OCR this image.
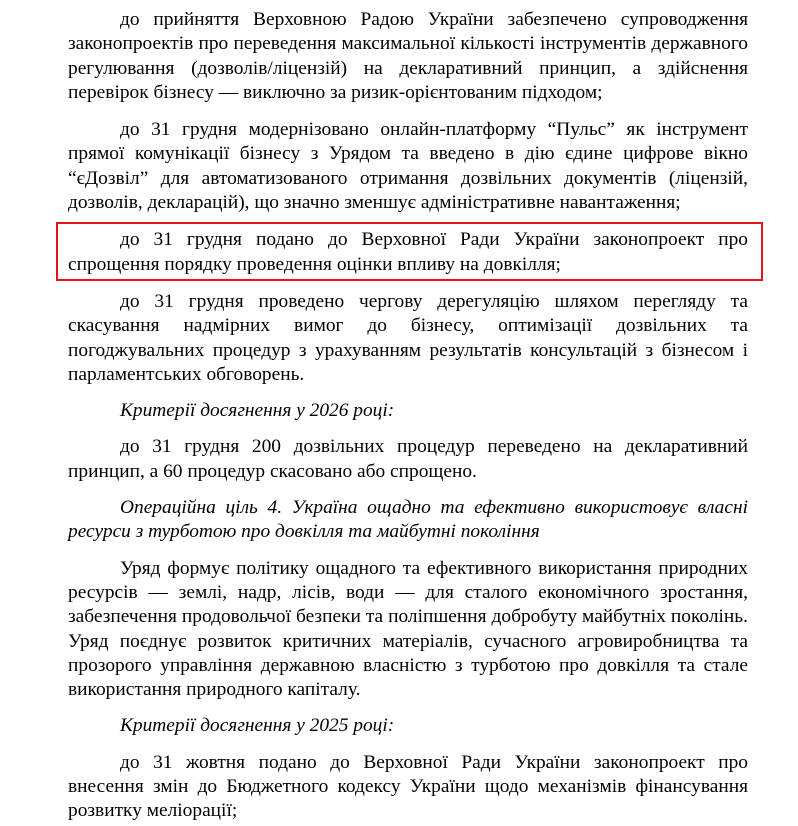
до прийняття Верховною Радою України забезпечено супроводження законопроектів про переведення максимальної кількості інструментів державного регулювання (дозволів/ліцензій) на декларативний принцип, а здійснення перевірок бізнесу — виключно за ризик-орієнтованим підходом;

до 31 грудня модернізовано онлайн-платформу “Пульс” як інструмент прямої комунікації бізнесу з Урядом та введено в дію єдине цифрове вікно “єДозвіл” для автоматизованого отримання дозвільних документів (ліцензій, дозволів, декларацій), що значно зменшує адміністративне навантаження;

до 31 грудня подано до Верховної Ради України законопроект про спрощення порядку проведення оцінки впливу на довкілля;

до 31 грудня проведено чергову дерегуляцію шляхом перегляду та скасування надмірних вимог до бізнесу, оптимізації дозвільних та погоджувальних процедур з урахуванням результатів консультацій з бізнесом і парламентських обговорень.

Критерії досягнення у 2026 році:

до 31 грудня 200 дозвільних процедур переведено на декларативний принцип, а 60 процедур скасовано або спрощено.

Операційна ціль 4. Україна ощадно та ефективно використовує власні ресурси з турботою про довкілля та майбутні покоління

Уряд формує політику ощадного та ефективного використання природних ресурсів — землі, надр, лісів, води — для сталого економічного зростання, забезпечення продовольчої безпеки та поліпшення добробуту майбутніх поколінь. Уряд поєднує розвиток критичних матеріалів, сучасного агровиробництва та прозорого управління державною власністю з турботою про довкілля та стале використання природного капіталу.

Критерії досягнення у 2025 році:

до 31 жовтня подано до Верховної Ради України законопроект про внесення змін до Бюджетного кодексу України щодо механізмів фінансування розвитку меліорації;
